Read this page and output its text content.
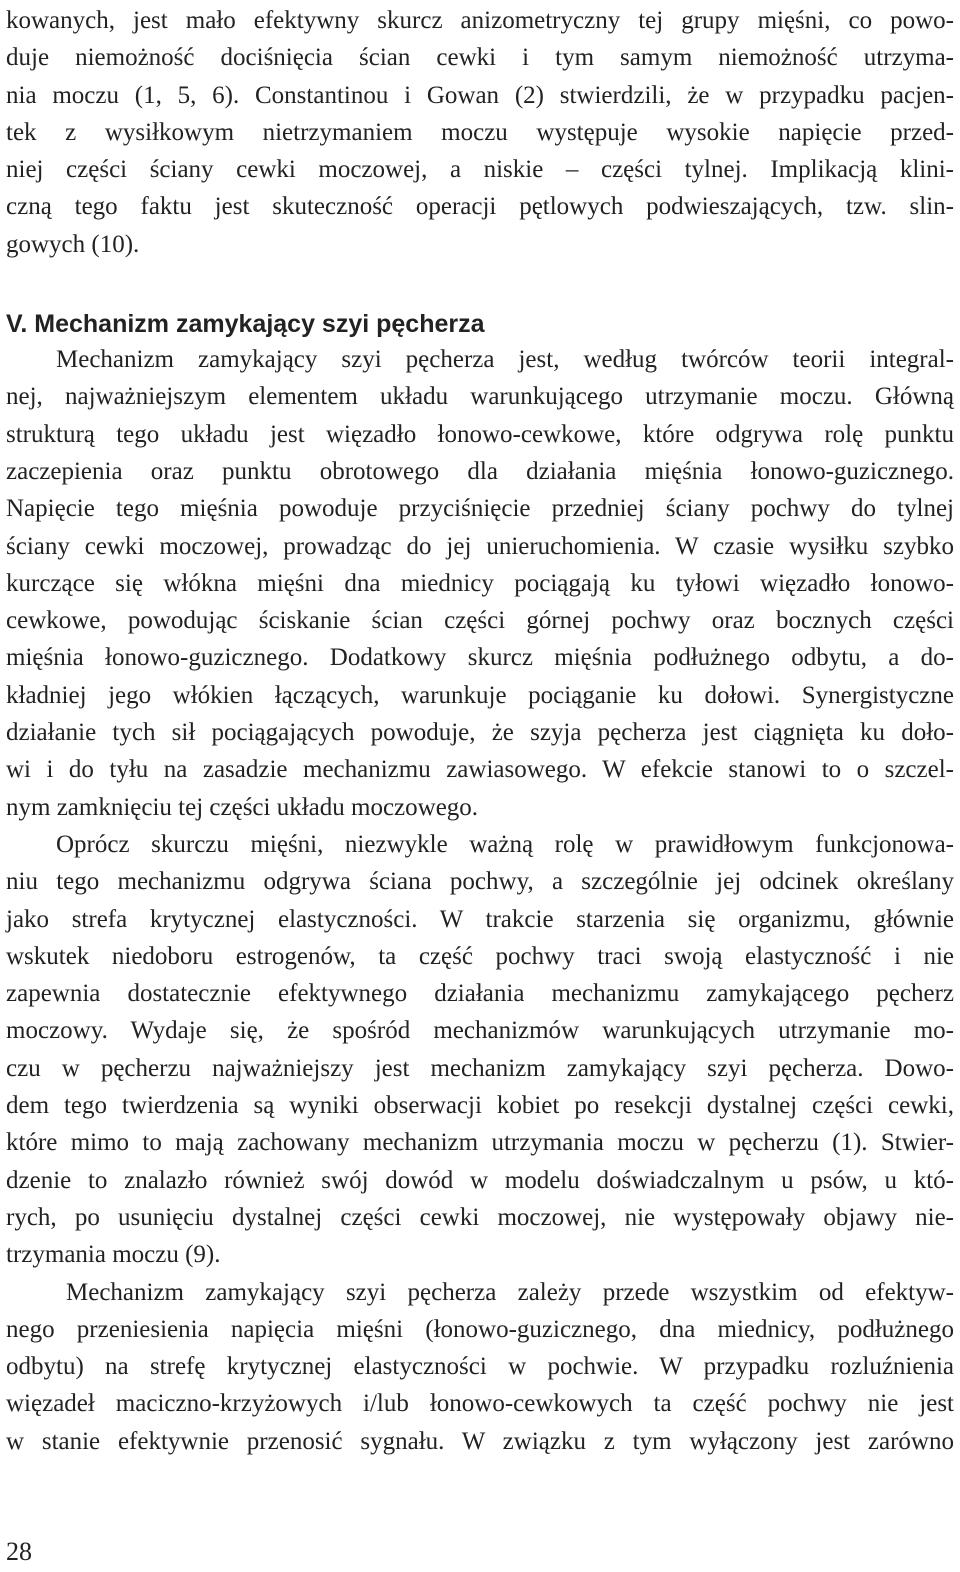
kowanych, jest mało efektywny skurcz anizometryczny tej grupy mięśni, co powo-
duje niemożność dociśnięcia ścian cewki i tym samym niemożność utrzyma-
nia moczu (1, 5, 6). Constantinou i Gowan (2) stwierdzili, że w przypadku pacjen-
tek z wysiłkowym nietrzymaniem moczu występuje wysokie napięcie przed-
niej części ściany cewki moczowej, a niskie – części tylnej. Implikacją klini-
czną tego faktu jest skuteczność operacji pętlowych podwieszających, tzw. slin-
gowych (10).
V. Mechanizm zamykający szyi pęcherza
Mechanizm zamykający szyi pęcherza jest, według twórców teorii integral-
nej, najważniejszym elementem układu warunkującego utrzymanie moczu. Główną
strukturą tego układu jest więzadło łonowo-cewkowe, które odgrywa rolę punktu
zaczepienia oraz punktu obrotowego dla działania mięśnia łonowo-guzicznego.
Napięcie tego mięśnia powoduje przyciśnięcie przedniej ściany pochwy do tylnej
ściany cewki moczowej, prowadząc do jej unieruchomienia. W czasie wysiłku szybko
kurczące się włókna mięśni dna miednicy pociągają ku tyłowi więzadło łonowo-
cewkowe, powodując ściskanie ścian części górnej pochwy oraz bocznych części
mięśnia łonowo-guzicznego. Dodatkowy skurcz mięśnia podłużnego odbytu, a do-
kładniej jego włókien łączących, warunkuje pociąganie ku dołowi. Synergistyczne
działanie tych sił pociągających powoduje, że szyja pęcherza jest ciągnięta ku doło-
wi i do tyłu na zasadzie mechanizmu zawiasowego. W efekcie stanowi to o szczel-
nym zamknięciu tej części układu moczowego.
Oprócz skurczu mięśni, niezwykle ważną rolę w prawidłowym funkcjonowa-
niu tego mechanizmu odgrywa ściana pochwy, a szczególnie jej odcinek określany
jako strefa krytycznej elastyczności. W trakcie starzenia się organizmu, głównie
wskutek niedoboru estrogenów, ta część pochwy traci swoją elastyczność i nie
zapewnia dostatecznie efektywnego działania mechanizmu zamykającego pęcherz
moczowy. Wydaje się, że spośród mechanizmów warunkujących utrzymanie mo-
czu w pęcherzu najważniejszy jest mechanizm zamykający szyi pęcherza. Dowo-
dem tego twierdzenia są wyniki obserwacji kobiet po resekcji dystalnej części cewki,
które mimo to mają zachowany mechanizm utrzymania moczu w pęcherzu (1). Stwier-
dzenie to znalazło również swój dowód w modelu doświadczalnym u psów, u któ-
rych, po usunięciu dystalnej części cewki moczowej, nie występowały objawy nie-
trzymania moczu (9).
Mechanizm zamykający szyi pęcherza zależy przede wszystkim od efektyw-
nego przeniesienia napięcia mięśni (łonowo-guzicznego, dna miednicy, podłużnego
odbytu) na strefę krytycznej elastyczności w pochwie. W przypadku rozluźnienia
więzadeł maciczno-krzyżowych i/lub łonowo-cewkowych ta część pochwy nie jest
w stanie efektywnie przenosić sygnału. W związku z tym wyłączony jest zarówno
28
